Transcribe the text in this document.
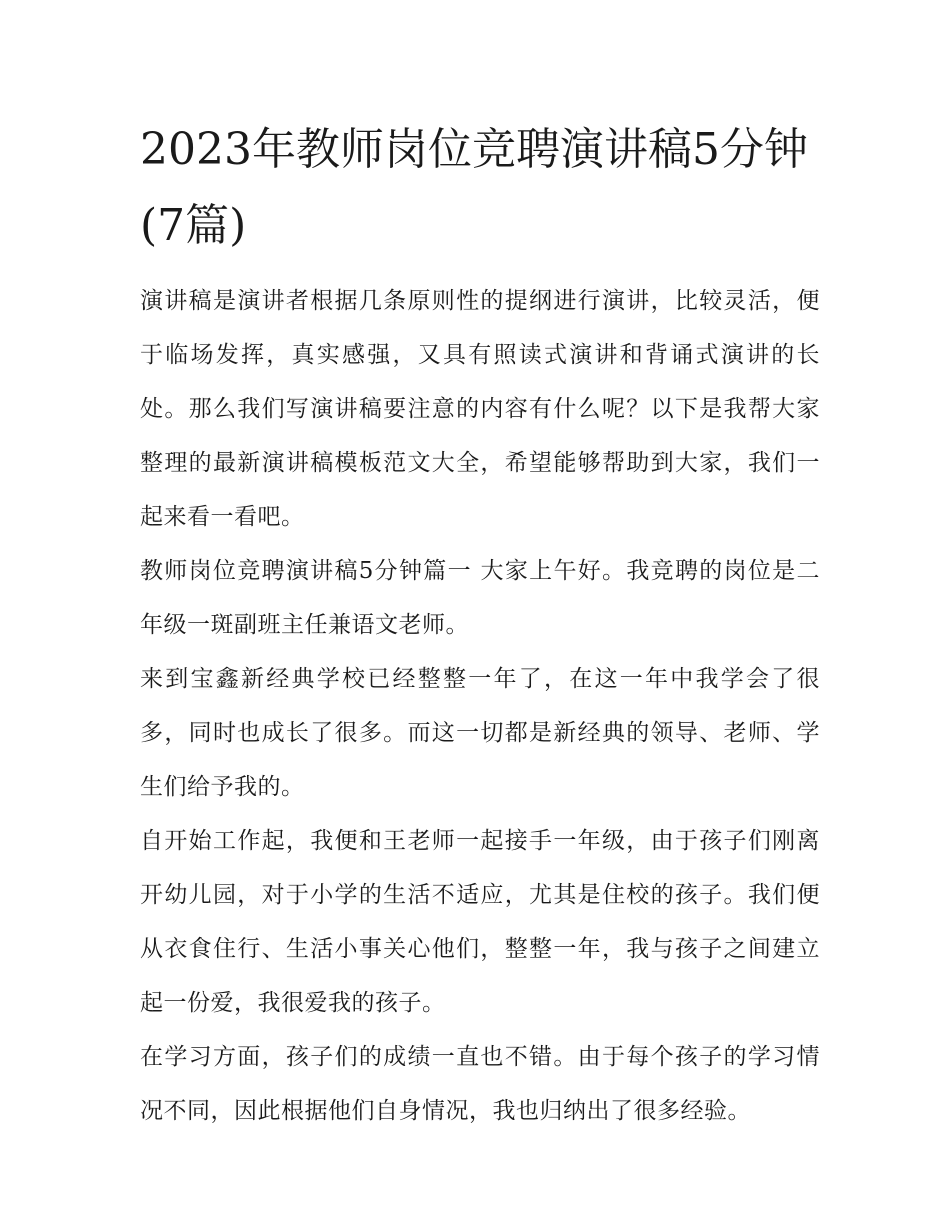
2023年教师岗位竞聘演讲稿5分钟(7篇)

演讲稿是演讲者根据几条原则性的提纲进行演讲，比较灵活，便于临场发挥，真实感强，又具有照读式演讲和背诵式演讲的长处。那么我们写演讲稿要注意的内容有什么呢？以下是我帮大家整理的最新演讲稿模板范文大全，希望能够帮助到大家，我们一起来看一看吧。

教师岗位竞聘演讲稿5分钟篇一 大家上午好。我竞聘的岗位是二年级一斑副班主任兼语文老师。

来到宝鑫新经典学校已经整整一年了，在这一年中我学会了很多，同时也成长了很多。而这一切都是新经典的领导、老师、学生们给予我的。

自开始工作起，我便和王老师一起接手一年级，由于孩子们刚离开幼儿园，对于小学的生活不适应，尤其是住校的孩子。我们便从衣食住行、生活小事关心他们，整整一年，我与孩子之间建立起一份爱，我很爱我的孩子。

在学习方面，孩子们的成绩一直也不错。由于每个孩子的学习情况不同，因此根据他们自身情况，我也归纳出了很多经验。
